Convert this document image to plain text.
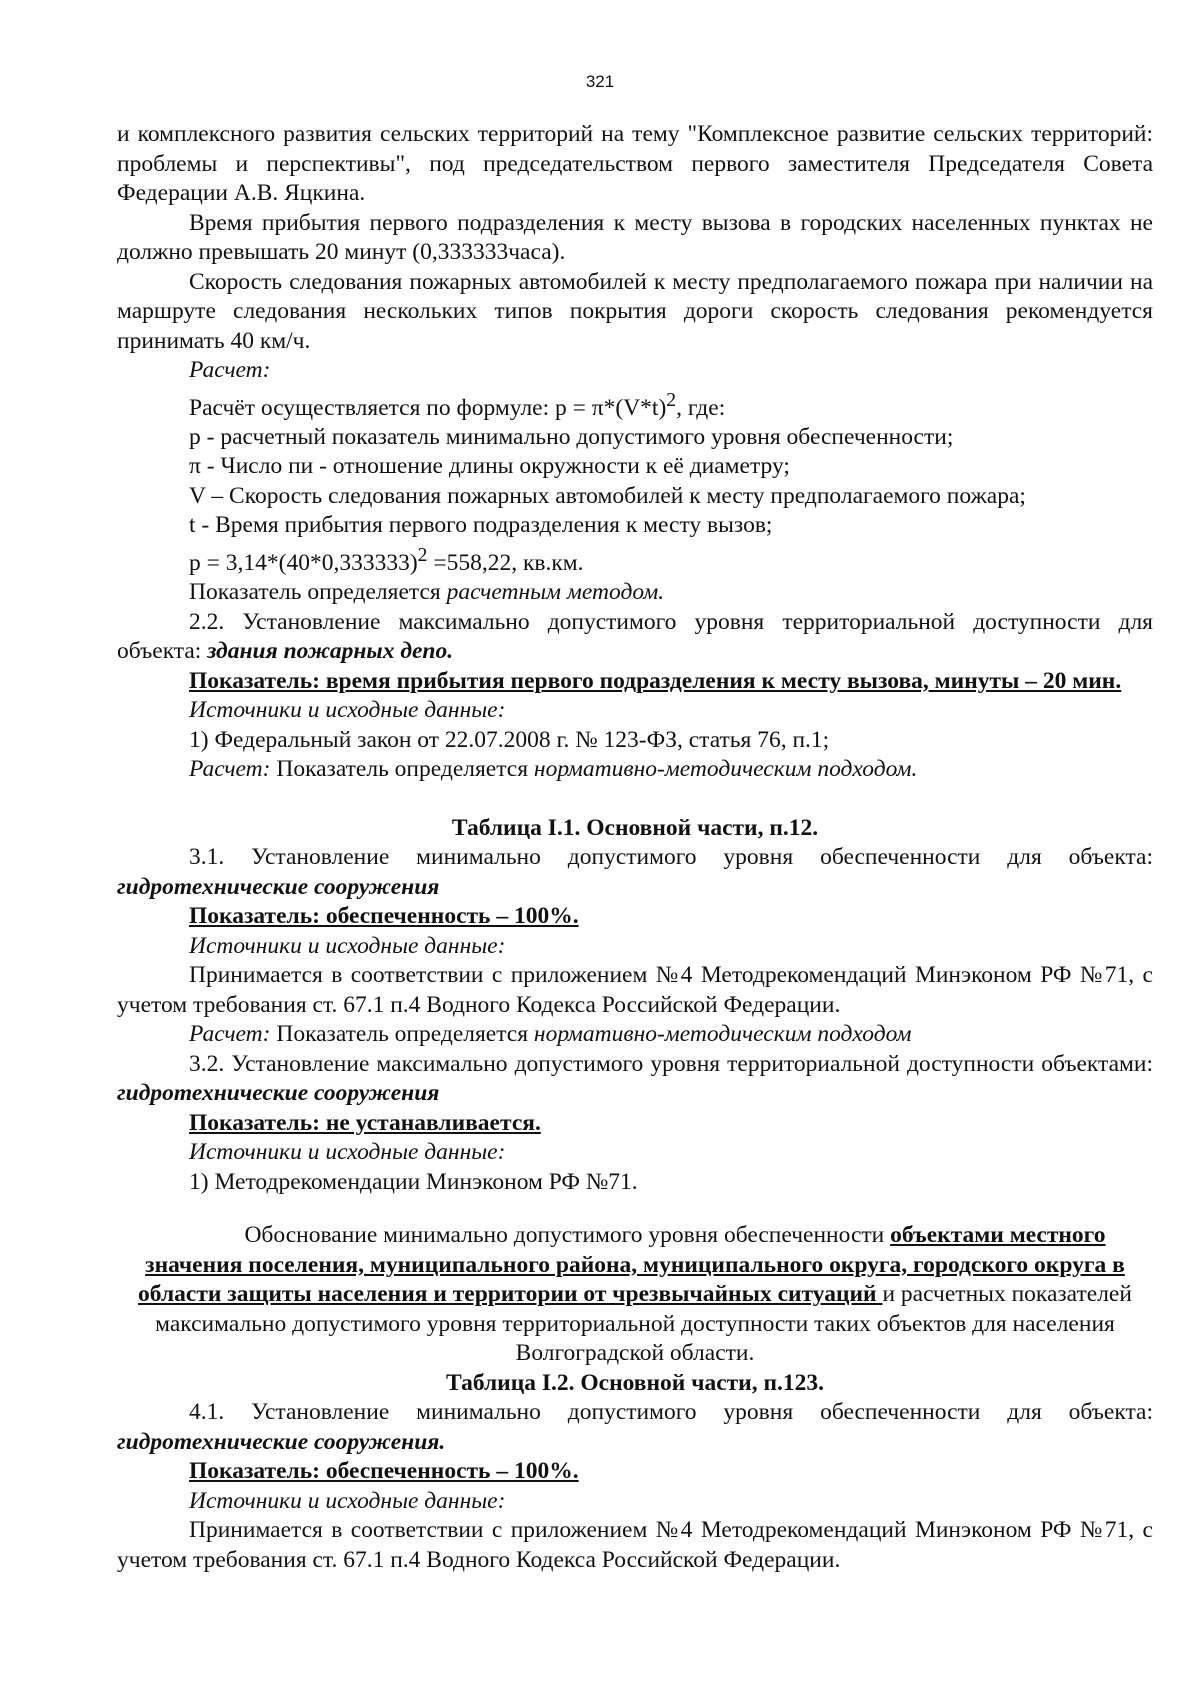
321

и комплексного развития сельских территорий на тему "Комплексное развитие сельских территорий: проблемы и перспективы", под председательством первого заместителя Председателя Совета Федерации А.В. Яцкина.

Время прибытия первого подразделения к месту вызова в городских населенных пунктах не должно превышать 20 минут (0,333333часа).

Скорость следования пожарных автомобилей к месту предполагаемого пожара при наличии на маршруте следования нескольких типов покрытия дороги скорость следования рекомендуется принимать 40 км/ч.

Расчет:

Расчёт осуществляется по формуле: $p = \pi*(V*t)^2$, где:

p - расчетный показатель минимально допустимого уровня обеспеченности;

π - Число пи - отношение длины окружности к её диаметру;

V – Скорость следования пожарных автомобилей к месту предполагаемого пожара;

t - Время прибытия первого подразделения к месту вызов;

$p = 3,14*(40*0,333333)^2 =558,22$, кв.км.

Показатель определяется расчетным методом.

2.2. Установление максимально допустимого уровня территориальной доступности для объекта: здания пожарных депо.

Показатель: время прибытия первого подразделения к месту вызова, минуты – 20 мин.

Источники и исходные данные:

1) Федеральный закон от 22.07.2008 г. № 123-ФЗ, статья 76, п.1;

Расчет: Показатель определяется нормативно-методическим подходом.

Таблица I.1. Основной части, п.12.

3.1. Установление минимально допустимого уровня обеспеченности для объекта:

гидротехнические сооружения

Показатель: обеспеченность – 100%.

Источники и исходные данные:

Принимается в соответствии с приложением №4 Методрекомендаций Минэконом РФ №71, с учетом требования ст. 67.1 п.4 Водного Кодекса Российской Федерации.

Расчет: Показатель определяется нормативно-методическим подходом

3.2. Установление максимально допустимого уровня территориальной доступности объектами: гидротехнические сооружения

Показатель: не устанавливается.

Источники и исходные данные:

1) Методрекомендации Минэконом РФ №71.

Обоснование минимально допустимого уровня обеспеченности объектами местного значения поселения, муниципального района, муниципального округа, городского округа в области защиты населения и территории от чрезвычайных ситуаций и расчетных показателей максимально допустимого уровня территориальной доступности таких объектов для населения Волгоградской области.

Таблица I.2. Основной части, п.123.

4.1. Установление минимально допустимого уровня обеспеченности для объекта:

гидротехнические сооружения.

Показатель: обеспеченность – 100%.

Источники и исходные данные:

Принимается в соответствии с приложением №4 Методрекомендаций Минэконом РФ №71, с учетом требования ст. 67.1 п.4 Водного Кодекса Российской Федерации.
